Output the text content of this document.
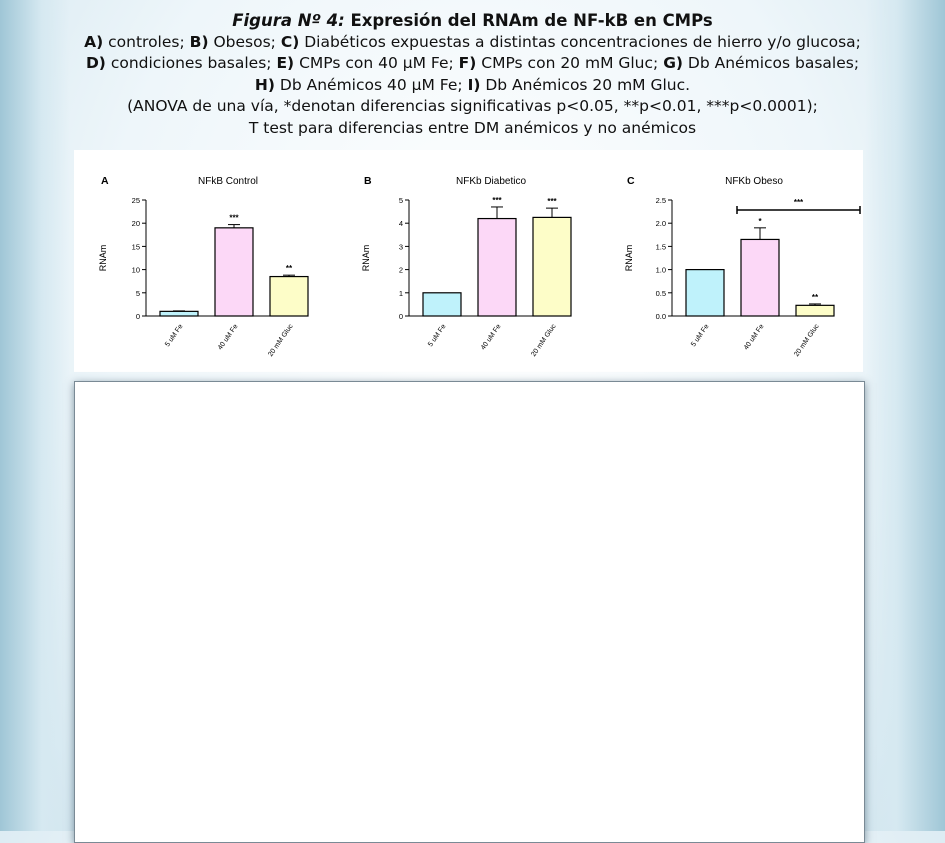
Figura Nº 4: Expresión del RNAm de NF-kB en CMPs
A) controles; B) Obesos; C) Diabéticos expuestas a distintas concentraciones de hierro y/o glucosa;
D) condiciones basales; E) CMPs con 40 µM Fe; F) CMPs con 20 mM Gluc; G) Db Anémicos basales;
H) Db Anémicos 40 µM Fe; I) Db Anémicos 20 mM Gluc.
(ANOVA de una vía, *denotan diferencias significativas p<0.05, **p<0.01, ***p<0.0001);
T test para diferencias entre DM anémicos y no anémicos
A	NFkB Control
RNAm
0
5
10
15
20
25
5 uM Fe
***
40 uM Fe
**
20 mM Gluc
B	NFKb Diabetico
RNAm
0
1
2
3
4
5
5 uM Fe
***
40 uM Fe
***
20 mM Gluc
C	NFKb Obeso
RNAm
0.0
0.5
1.0
1.5
2.0
2.5
5 uM Fe
*
40 uM Fe
**
20 mM Gluc
***
